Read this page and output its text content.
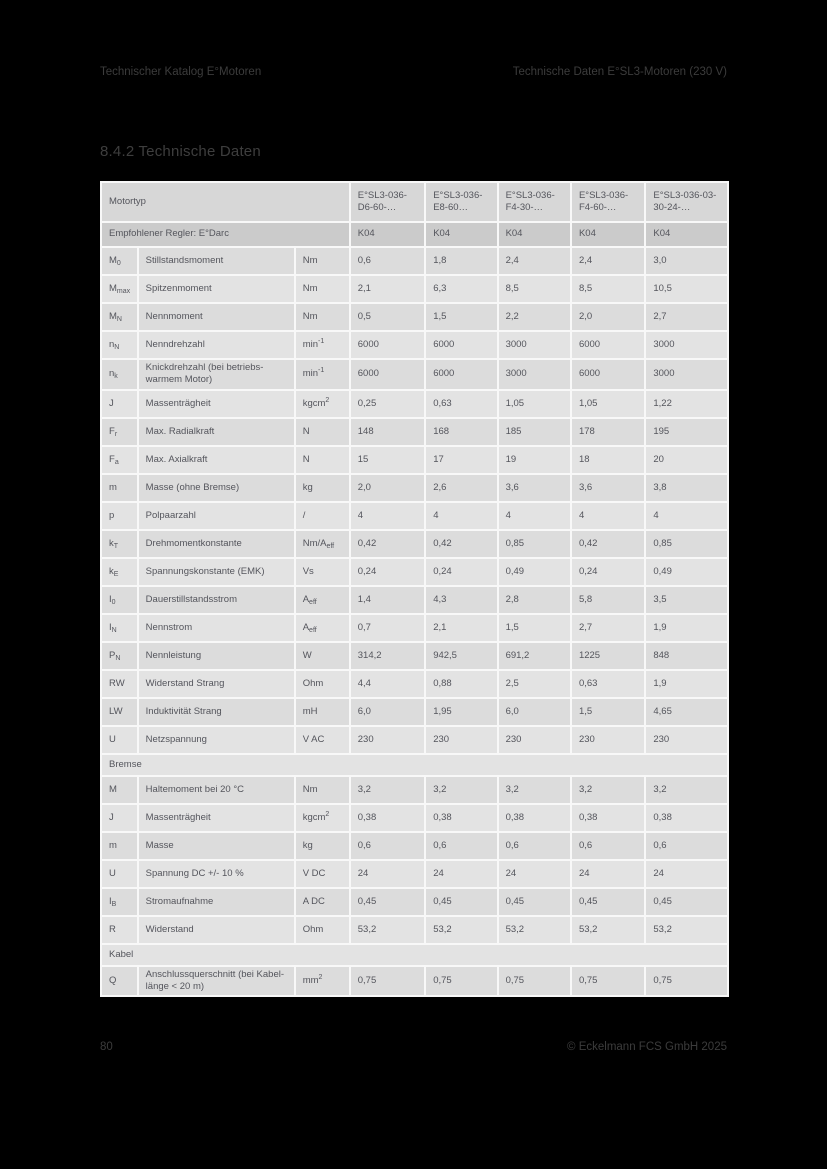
Technischer Katalog E°Motoren	Technische Daten E°SL3-Motoren (230 V)
8.4.2 Technische Daten
Motortyp			E°SL3-036-D6-60-…	E°SL3-036-E8-60…	E°SL3-036-F4-30-…	E°SL3-036-F4-60-…	E°SL3-036-03-30-24-…
Empfohlener Regler: E°Darc			K04	K04	K04	K04	K04
$M_0$	Stillstandsmoment	Nm	0,6	1,8	2,4	2,4	3,0
$M_{max}$	Spitzenmoment	Nm	2,1	6,3	8,5	8,5	10,5
$M_N$	Nennmoment	Nm	0,5	1,5	2,2	2,0	2,7
$n_N$	Nenndrehzahl	$\min^{-1}$	6000	6000	3000	6000	3000
$n_k$	Knickdrehzahl (bei betriebs-warmem Motor)	$\min^{-1}$	6000	6000	3000	6000	3000
J	Massenträgheit	kgcm$^2$	0,25	0,63	1,05	1,05	1,22
$F_r$	Max. Radialkraft	N	148	168	185	178	195
$F_a$	Max. Axialkraft	N	15	17	19	18	20
m	Masse (ohne Bremse)	kg	2,0	2,6	3,6	3,6	3,8
p	Polpaarzahl	/	4	4	4	4	4
$k_T$	Drehmomentkonstante	$Nm/A_{eff}$	0,42	0,42	0,85	0,42	0,85
$k_E$	Spannungskonstante (EMK)	Vs	0,24	0,24	0,49	0,24	0,49
$I_0$	Dauerstillstandsstrom	$A_{eff}$	1,4	4,3	2,8	5,8	3,5
$I_N$	Nennstrom	$A_{eff}$	0,7	2,1	1,5	2,7	1,9
$P_N$	Nennleistung	W	314,2	942,5	691,2	1225	848
RW	Widerstand Strang	Ohm	4,4	0,88	2,5	0,63	1,9
LW	Induktivität Strang	mH	6,0	1,95	6,0	1,5	4,65
U	Netzspannung	V AC	230	230	230	230	230
Bremse							
M	Haltemoment bei 20 °C	Nm	3,2	3,2	3,2	3,2	3,2
J	Massenträgheit	kgcm$^2$	0,38	0,38	0,38	0,38	0,38
m	Masse	kg	0,6	0,6	0,6	0,6	0,6
U	Spannung DC +/- 10 %	V DC	24	24	24	24	24
$I_B$	Stromaufnahme	A DC	0,45	0,45	0,45	0,45	0,45
R	Widerstand	Ohm	53,2	53,2	53,2	53,2	53,2
Kabel							
Q	Anschlussquerschnitt (bei Kabel-länge < 20 m)	$mm^2$	0,75	0,75	0,75	0,75	0,75
80	© Eckelmann FCS GmbH 2025
